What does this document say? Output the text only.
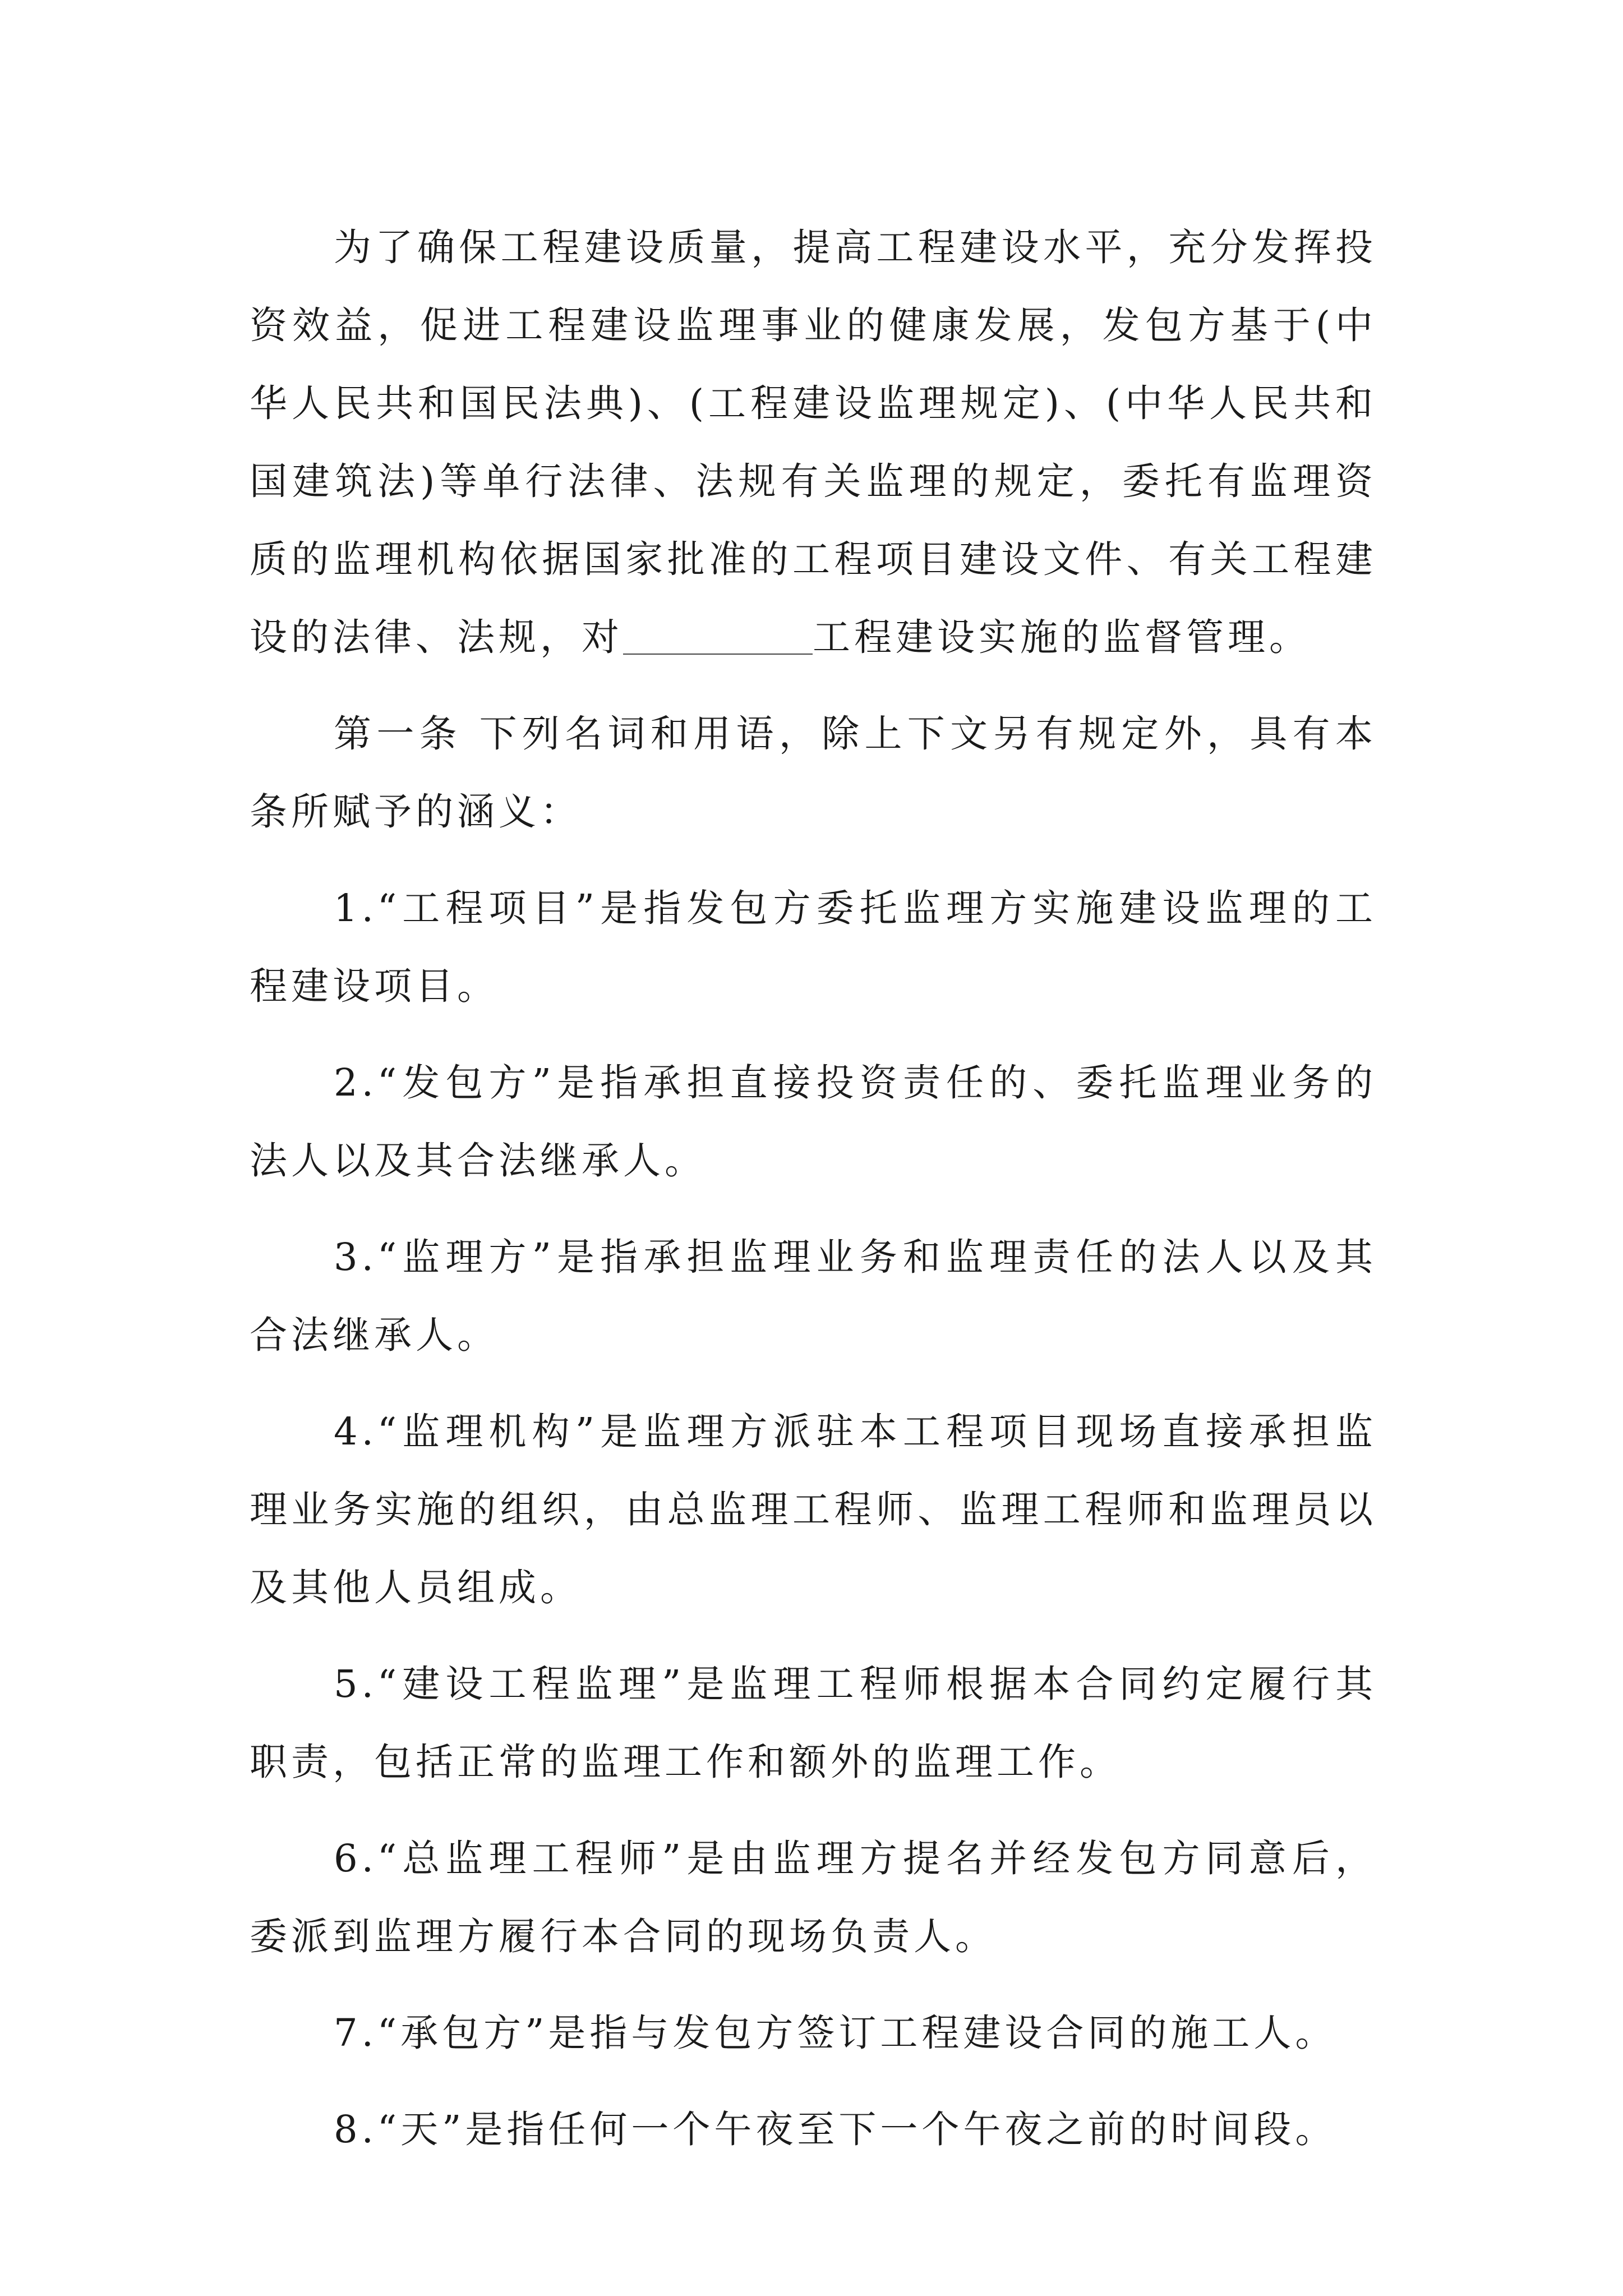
为了确保工程建设质量，提高工程建设水平，充分发挥投资效益，促进工程建设监理事业的健康发展，发包方基于(中华人民共和国民法典)、(工程建设监理规定)、(中华人民共和国建筑法)等单行法律、法规有关监理的规定，委托有监理资质的监理机构依据国家批准的工程项目建设文件、有关工程建设的法律、法规，对	工程建设实施的监督管理。

第一条 下列名词和用语，除上下文另有规定外，具有本条所赋予的涵义：

1.“工程项目”是指发包方委托监理方实施建设监理的工程建设项目。

2.“发包方”是指承担直接投资责任的、委托监理业务的法人以及其合法继承人。

3.“监理方”是指承担监理业务和监理责任的法人以及其合法继承人。

4.“监理机构”是监理方派驻本工程项目现场直接承担监理业务实施的组织，由总监理工程师、监理工程师和监理员以及其他人员组成。

5.“建设工程监理”是监理工程师根据本合同约定履行其职责，包括正常的监理工作和额外的监理工作。

6.“总监理工程师”是由监理方提名并经发包方同意后，委派到监理方履行本合同的现场负责人。

7.“承包方”是指与发包方签订工程建设合同的施工人。

8.“天”是指任何一个午夜至下一个午夜之前的时间段。
